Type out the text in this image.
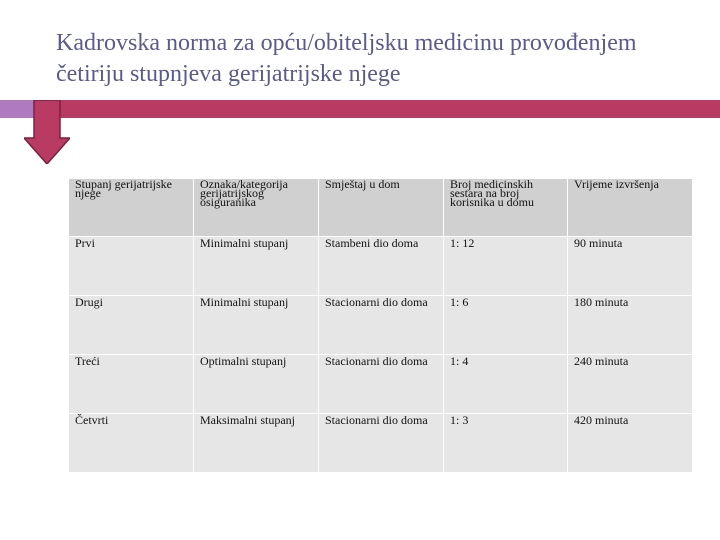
Kadrovska norma za opću/obiteljsku medicinu provođenjem
četiriju stupnjeva gerijatrijske njege
Stupanj gerijatrijske njege	Oznaka/kategorija gerijatrijskog osiguranika	Smještaj u dom	Broj medicinskih sestara na broj korisnika u domu	Vrijeme izvršenja
Prvi	Minimalni stupanj	Stambeni dio doma	1: 12	90 minuta
Drugi	Minimalni stupanj	Stacionarni dio doma	1: 6	180 minuta
Treći	Optimalni stupanj	Stacionarni dio doma	1: 4	240 minuta
Četvrti	Maksimalni stupanj	Stacionarni dio doma	1: 3	420 minuta
